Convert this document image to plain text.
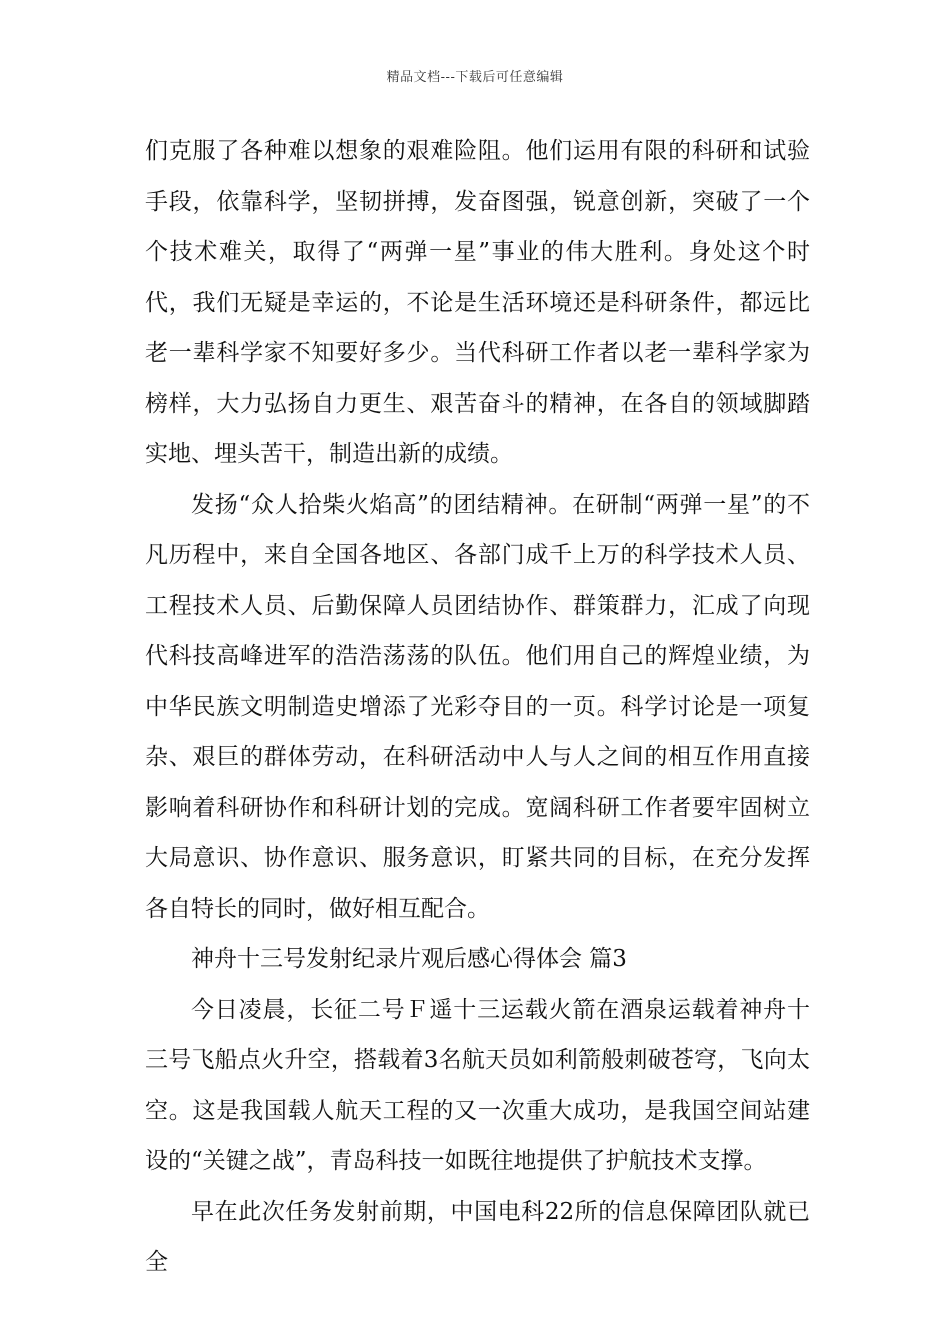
精品文档---下载后可任意编辑

们克服了各种难以想象的艰难险阻。他们运用有限的科研和试验手段，依靠科学，坚韧拼搏，发奋图强，锐意创新，突破了一个个技术难关，取得了“两弹一星”事业的伟大胜利。身处这个时代，我们无疑是幸运的，不论是生活环境还是科研条件，都远比老一辈科学家不知要好多少。当代科研工作者以老一辈科学家为榜样，大力弘扬自力更生、艰苦奋斗的精神，在各自的领域脚踏实地、埋头苦干，制造出新的成绩。

发扬“众人拾柴火焰高”的团结精神。在研制“两弹一星”的不凡历程中，来自全国各地区、各部门成千上万的科学技术人员、工程技术人员、后勤保障人员团结协作、群策群力，汇成了向现代科技高峰进军的浩浩荡荡的队伍。他们用自己的辉煌业绩，为中华民族文明制造史增添了光彩夺目的一页。科学讨论是一项复杂、艰巨的群体劳动，在科研活动中人与人之间的相互作用直接影响着科研协作和科研计划的完成。宽阔科研工作者要牢固树立大局意识、协作意识、服务意识，盯紧共同的目标，在充分发挥各自特长的同时，做好相互配合。

神舟十三号发射纪录片观后感心得体会 篇3

今日凌晨，长征二号Ｆ遥十三运载火箭在酒泉运载着神舟十三号飞船点火升空，搭载着3名航天员如利箭般刺破苍穹，飞向太空。这是我国载人航天工程的又一次重大成功，是我国空间站建设的“关键之战”，青岛科技一如既往地提供了护航技术支撑。

早在此次任务发射前期，中国电科22所的信息保障团队就已全
